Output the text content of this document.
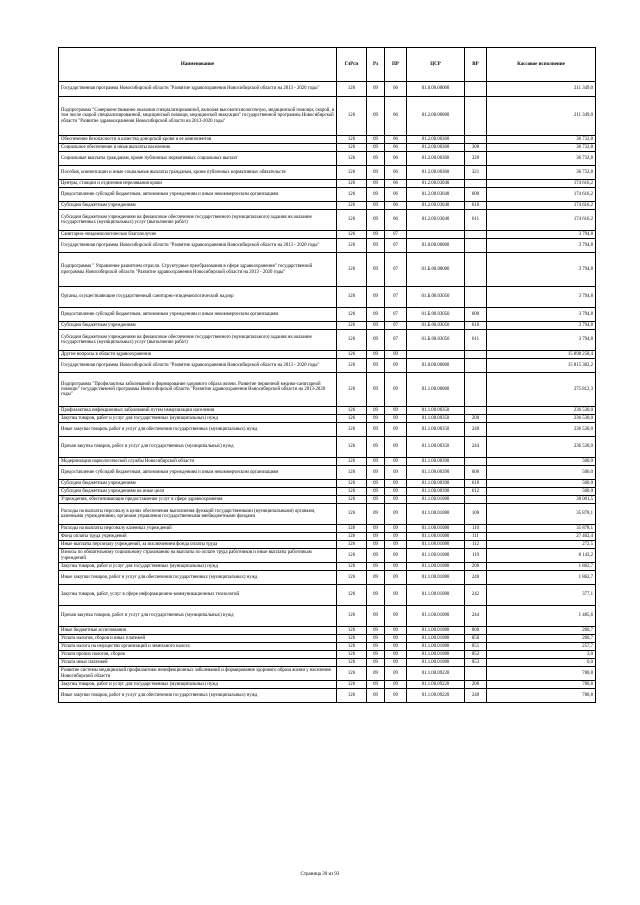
Наименование	ГлРсп	Рз	ПР	ЦСР	ВР	Кассовое исполнение
Государственная программа Новосибирской области "Развитие здравоохранения Новосибирской области на 2013 - 2020 годы"	126	09	06	01.0.00.00000		211 349,0
Подпрограмма "Совершенствование оказания специализированной, включая высокотехнологичную, медицинской помощи, скорой, в том числе скорой специализированной, медицинской помощи, медицинской эвакуации" государственной программы Новосибирской области "Развитие здравоохранения Новосибирской области на 2013-2020 годы"	126	09	06	01.2.00.00000		211 349,0
Обеспечение безопасности и качества донорской крови и ее компонентов	126	09	06	01.2.00.00360		36 732,8
Социальное обеспечение и иные выплаты населению	126	09	06	01.2.00.00360	300	36 732,8
Социальные выплаты гражданам, кроме публичных нормативных социальных выплат	126	09	06	01.2.00.00360	320	36 732,8
Пособия, компенсации и иные социальные выплаты гражданам, кроме публичных нормативных обязательств	126	09	06	01.2.00.00360	321	36 732,8
Центры, станции и отделения переливания крови	126	09	06	01.2.00.03040		174 616,2
Предоставление субсидий бюджетным, автономным учреждениям и иным некоммерческим организациям	126	09	06	01.2.00.03040	600	174 616,2
Субсидии бюджетным учреждениям	126	09	06	01.2.00.03040	610	174 616,2
Субсидии бюджетным учреждениям на финансовое обеспечение государственного (муниципального) задания на оказание государственных (муниципальных) услуг (выполнение работ)	126	09	06	01.2.00.03040	611	174 616,2
Санитарно-эпидемиологическое благополучие	126	09	07			3 794,8
Государственная программа Новосибирской области "Развитие здравоохранения Новосибирской области на 2013 - 2020 годы"	126	09	07	01.0.00.00000		3 794,8
Подпрограмма " Управление развитием отрасли. Структурные преобразования в сфере здравоохранения" государственной программы Новосибирской области "Развитие здравоохранения Новосибирской области на 2013 - 2020 годы"	126	09	07	01.Б.00.00000		3 794,8
Органы, осуществляющие государственный санитарно-эпидемиологический надзор	126	09	07	01.Б.00.03050		3 794,8
Предоставление субсидий бюджетным, автономным учреждениям и иным некоммерческим организациям	126	09	07	01.Б.00.03050	600	3 794,8
Субсидии бюджетным учреждениям	126	09	07	01.Б.00.03050	610	3 794,8
Субсидии бюджетным учреждениям на финансовое обеспечение государственного (муниципального) задания на оказание государственных (муниципальных) услуг (выполнение работ)	126	09	07	01.Б.00.03050	611	3 794,8
Другие вопросы в области здравоохранения	126	09	09			15 898 258,4
Государственная программа Новосибирской области "Развитие здравоохранения Новосибирской области на 2013 - 2020 годы"	126	09	09	01.0.00.00000		15 815 302,2
Подпрограмма "Профилактика заболеваний и формирование здорового образа жизни. Развитие первичной медико-санитарной помощи" государственной программы Новосибирской области "Развитие здравоохранения Новосибирской области на 2013-2020 годы"	126	09	09	01.1.00.00000		275 812,3
Профилактика инфекционных заболеваний путем иммунизации населения	126	09	09	01.1.00.00350		236 530,0
Закупка товаров, работ и услуг для государственных (муниципальных) нужд	126	09	09	01.1.00.00350	200	236 530,0
Иные закупки товаров, работ и услуг для обеспечения государственных (муниципальных) нужд	126	09	09	01.1.00.00350	240	236 530,0
Прочая закупка товаров, работ и услуг для государственных (муниципальных) нужд	126	09	09	01.1.00.00350	244	236 530,0
Модернизация наркологической службы Новосибирской области	126	09	09	01.1.00.00390		500,0
Предоставление субсидий бюджетным, автономным учреждениям и иным некоммерческим организациям	126	09	09	01.1.00.00390	600	500,0
Субсидии бюджетным учреждениям	126	09	09	01.1.00.00390	610	500,0
Субсидии бюджетным учреждениям на иные цели	126	09	09	01.1.00.00390	612	500,0
Учреждения, обеспечивающие предоставление услуг в сфере здравоохранения	126	09	09	01.1.00.01080		38 001,5
Расходы на выплаты персоналу в целях обеспечения выполнения функций государственными (муниципальными) органами, казенными учреждениями, органами управления государственными внебюджетными фондами	126	09	09	01.1.00.01080	100	35 878,1
Расходы на выплаты персоналу казенных учреждений	126	09	09	01.1.00.01080	110	35 878,1
Фонд оплаты труда учреждений	126	09	09	01.1.00.01080	111	27 462,4
Иные выплаты персоналу учреждений, за исключением фонда оплаты труда	126	09	09	01.1.00.01080	112	272,5
Взносы по обязательному социальному страхованию на выплаты по оплате труда работников и иные выплаты работникам учреждений	126	09	09	01.1.00.01080	119	8 143,2
Закупка товаров, работ и услуг для государственных (муниципальных) нужд	126	09	09	01.1.00.01080	200	1 862,7
Иные закупки товаров, работ и услуг для обеспечения государственных (муниципальных) нужд	126	09	09	01.1.00.01080	240	1 862,7
Закупка товаров, работ, услуг в сфере информационно-коммуникационных технологий	126	09	09	01.1.00.01080	242	377,1
Прочая закупка товаров, работ и услуг для государственных (муниципальных) нужд	126	09	09	01.1.00.01080	244	1 485,6
Иные бюджетные ассигнования	126	09	09	01.1.00.01080	800	260,7
Уплата налогов, сборов и иных платежей	126	09	09	01.1.00.01080	850	260,7
Уплата налога на имущество организаций и земельного налога	126	09	09	01.1.00.01080	851	257,7
Уплата прочих налогов, сборов	126	09	09	01.1.00.01080	852	3,0
Уплата иных платежей	126	09	09	01.1.00.01080	853	0,0
Развитие системы медицинской профилактики неинфекционных заболеваний и формирование здорового образа жизни у населения Новосибирской области	126	09	09	01.1.00.09220		780,8
Закупка товаров, работ и услуг для государственных (муниципальных) нужд	126	09	09	01.1.00.09220	200	780,8
Иные закупки товаров, работ и услуг для обеспечения государственных (муниципальных) нужд	126	09	09	01.1.00.09220	240	780,8
Страница 39 из 93
